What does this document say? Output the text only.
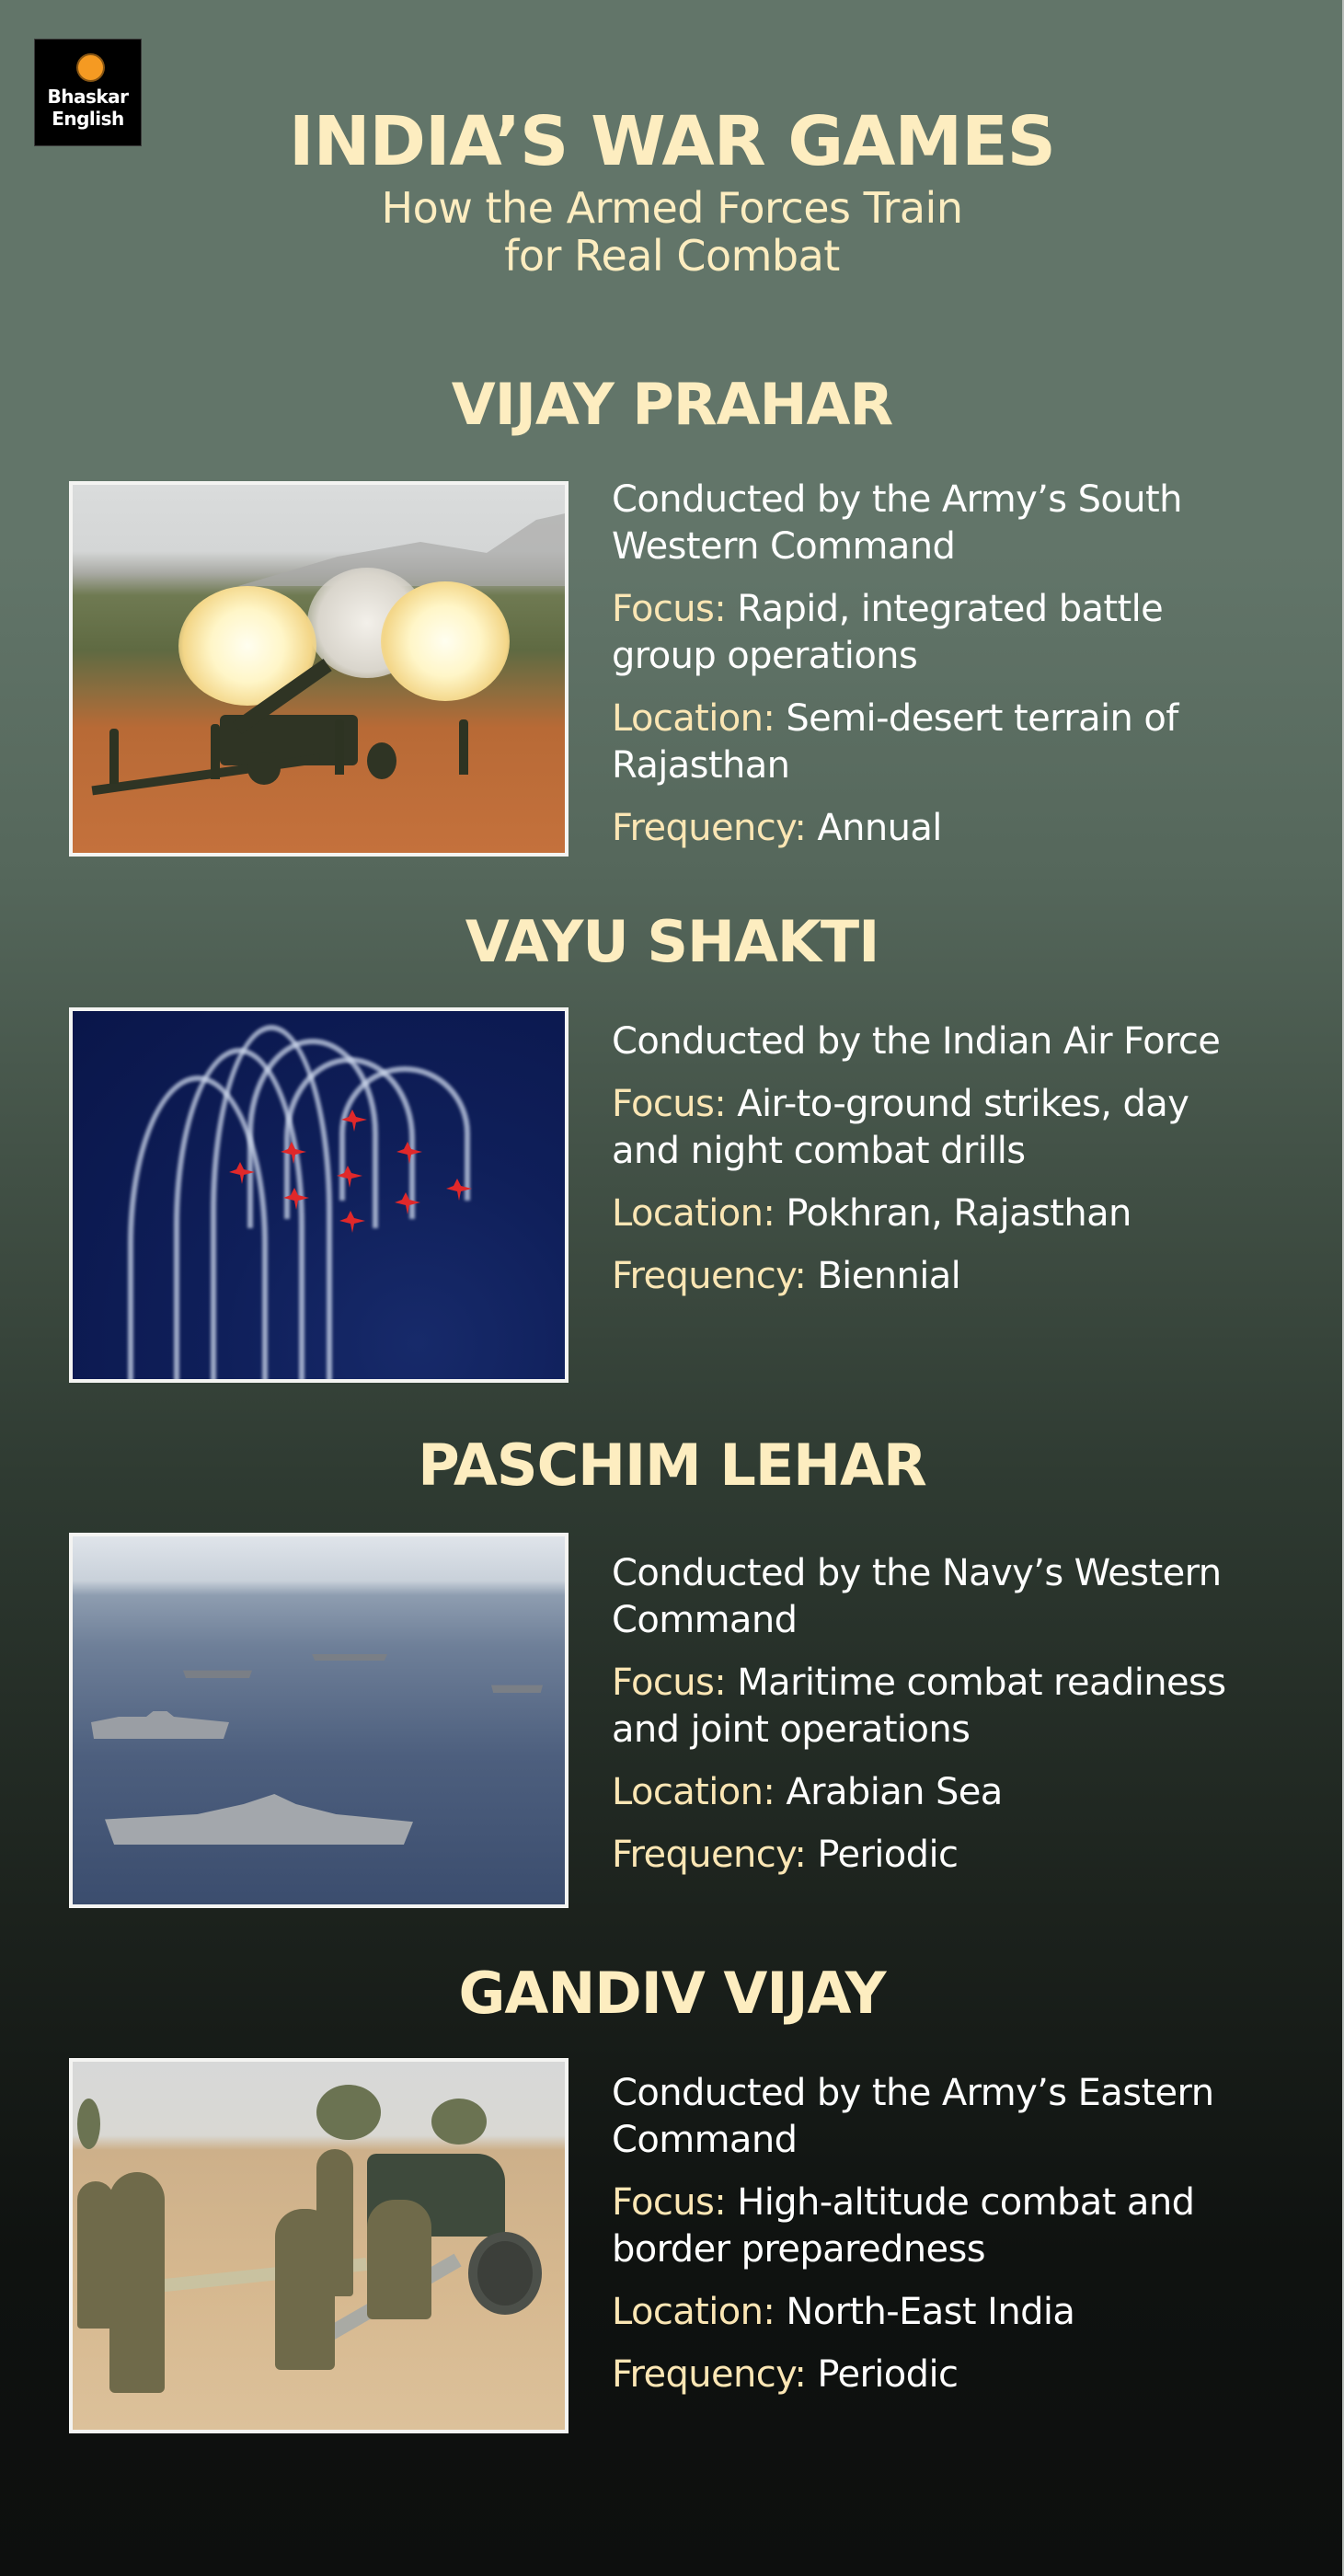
Bhaskar
English	INDIA’S WAR GAMES
How the Armed Forces Train
for Real Combat
VIJAY PRAHAR

Conducted by the Army’s South Western Command

Focus: Rapid, integrated battle group operations

Location: Semi-desert terrain of Rajasthan

Frequency: Annual

VAYU SHAKTI

Conducted by the Indian Air Force

Focus: Air-to-ground strikes, day and night combat drills

Location: Pokhran, Rajasthan

Frequency: Biennial

PASCHIM LEHAR

Conducted by the Navy’s Western Command

Focus: Maritime combat readiness and joint operations

Location: Arabian Sea

Frequency: Periodic

GANDIV VIJAY

Conducted by the Army’s Eastern Command

Focus: High-altitude combat and border preparedness

Location: North-East India

Frequency: Periodic
